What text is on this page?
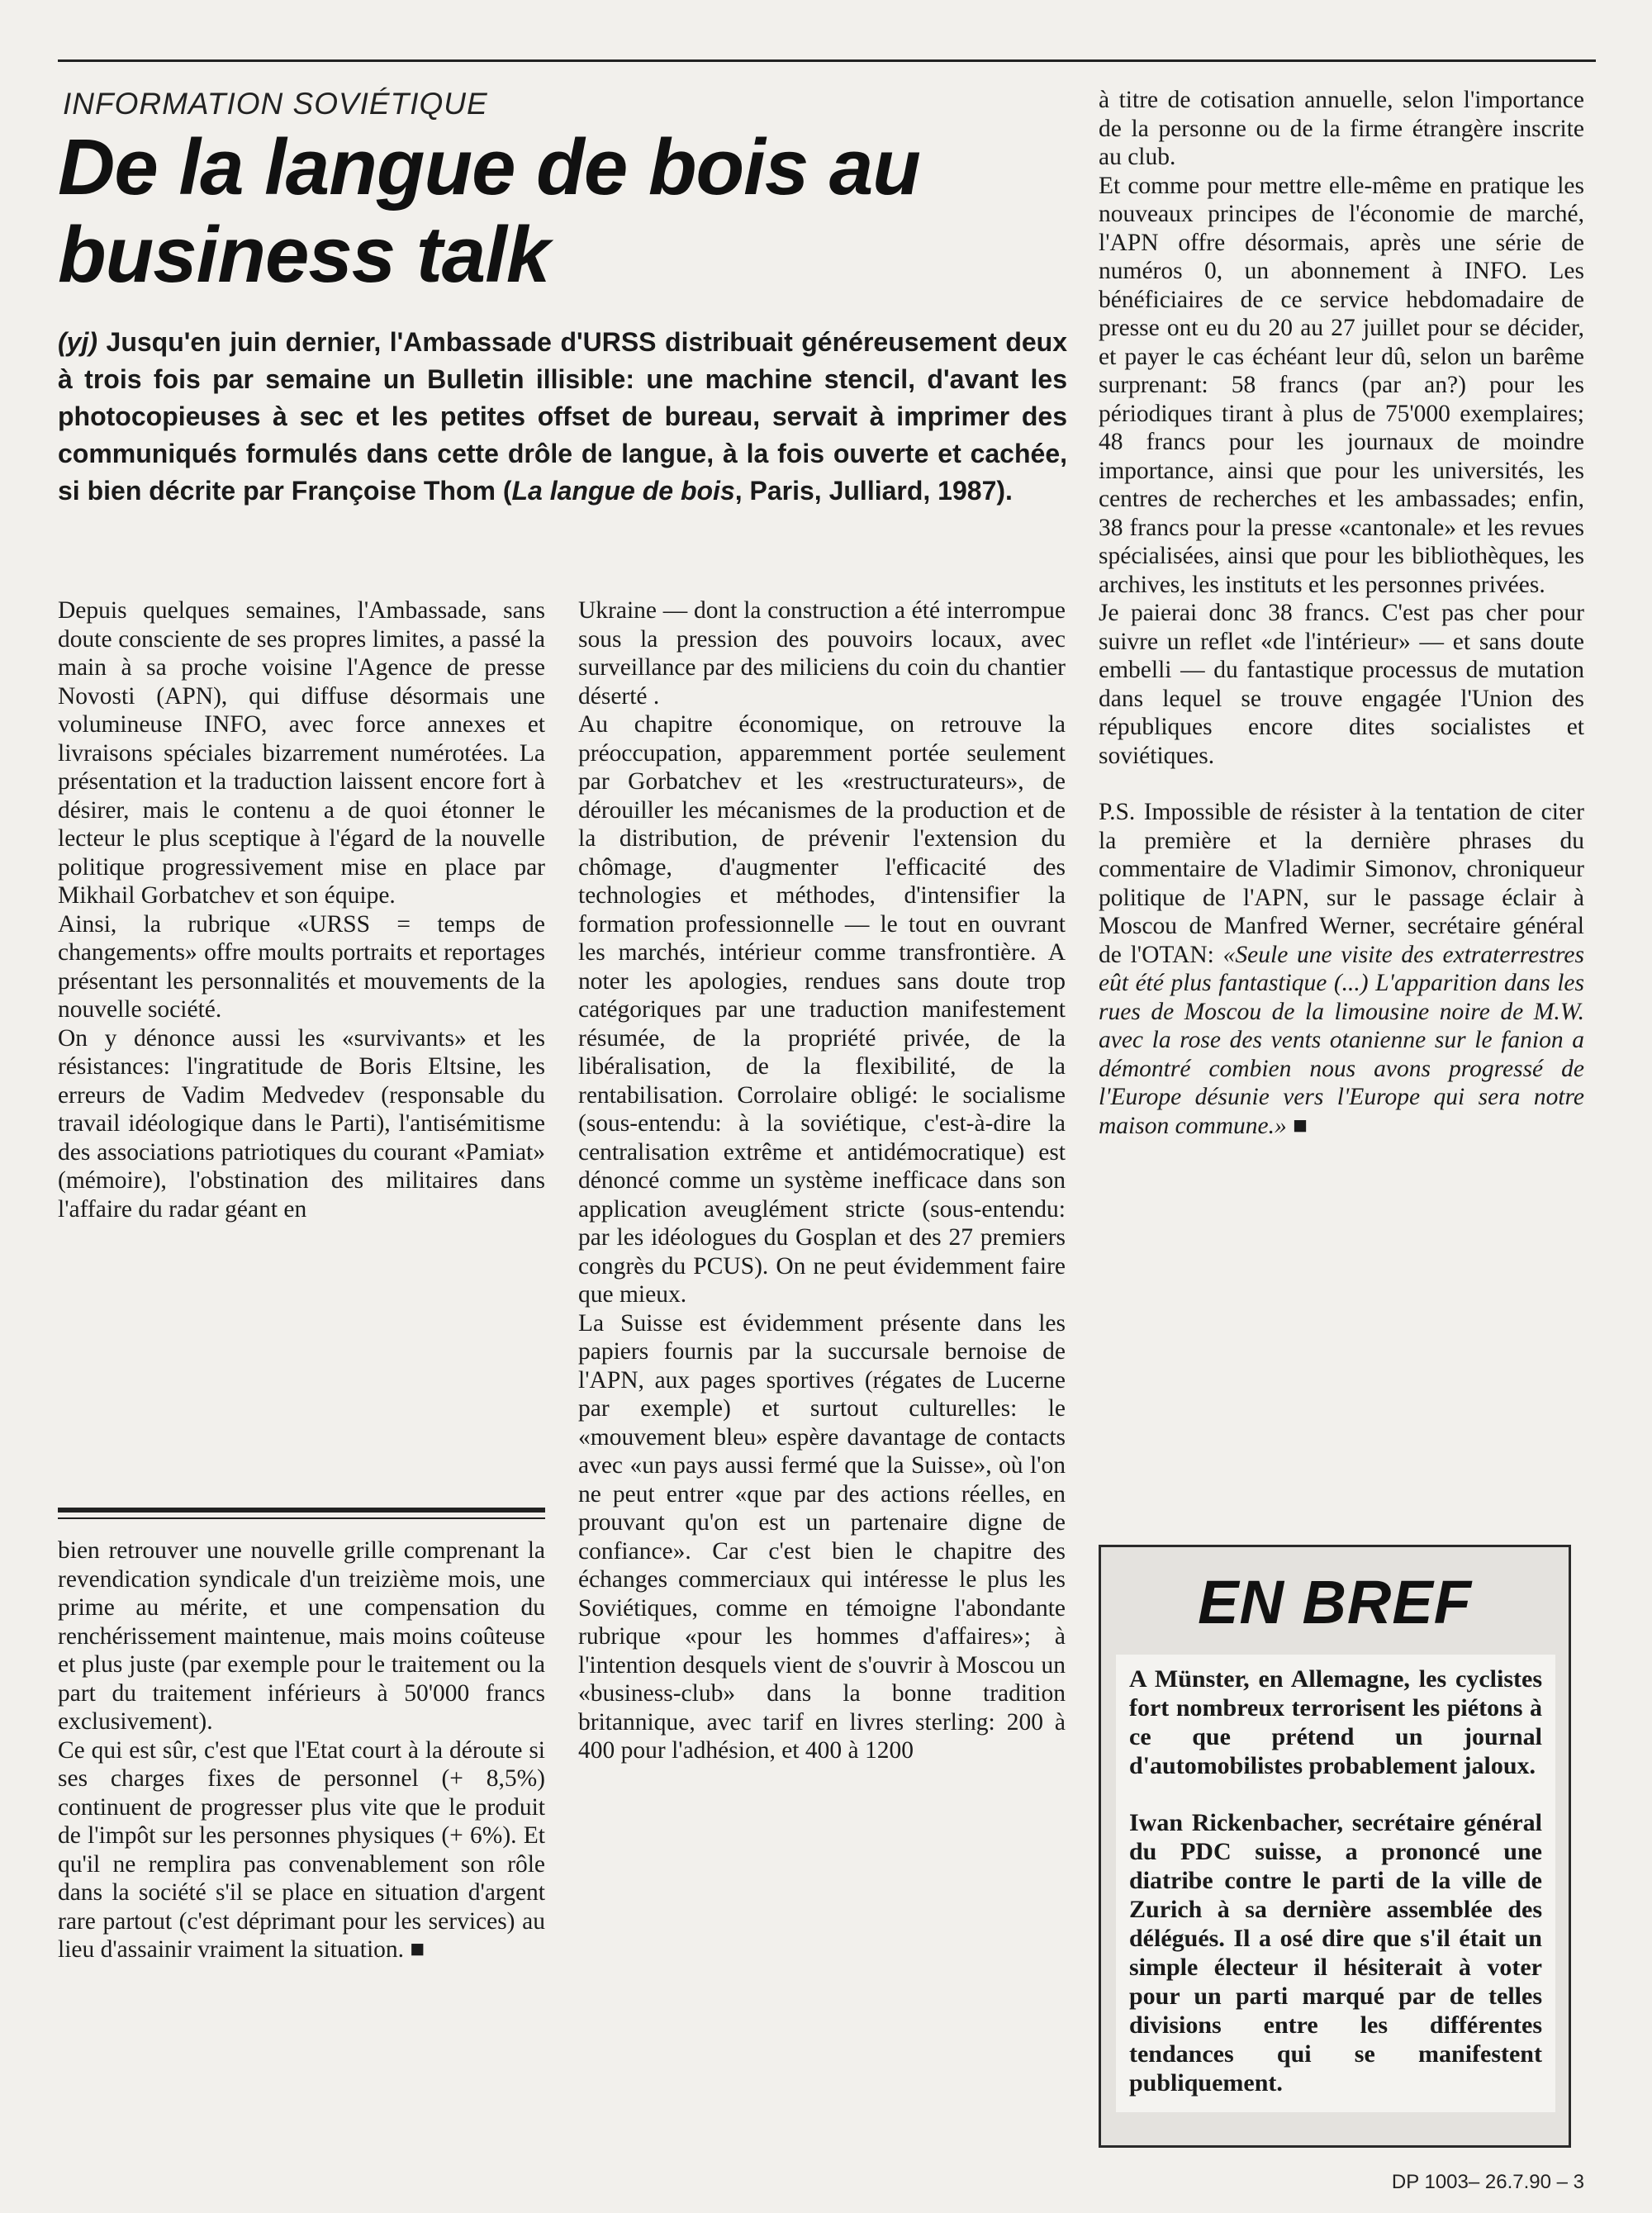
INFORMATION SOVIÉTIQUE
De la langue de bois au business talk

(yj) Jusqu'en juin dernier, l'Ambassade d'URSS distribuait généreusement deux à trois fois par semaine un Bulletin illisible: une machine stencil, d'avant les photocopieuses à sec et les petites offset de bureau, servait à imprimer des communiqués formulés dans cette drôle de langue, à la fois ouverte et cachée, si bien décrite par Françoise Thom (La langue de bois, Paris, Julliard, 1987).

Depuis quelques semaines, l'Ambassade, sans doute consciente de ses propres limites, a passé la main à sa proche voisine l'Agence de presse Novosti (APN), qui diffuse désormais une volumineuse INFO, avec force annexes et livraisons spéciales bizarrement numérotées. La présentation et la traduction laissent encore fort à désirer, mais le contenu a de quoi étonner le lecteur le plus sceptique à l'égard de la nouvelle politique progressivement mise en place par Mikhail Gorbatchev et son équipe.

Ainsi, la rubrique «URSS = temps de changements» offre moults portraits et reportages présentant les personnalités et mouvements de la nouvelle société.

On y dénonce aussi les «survivants» et les résistances: l'ingratitude de Boris Eltsine, les erreurs de Vadim Medvedev (responsable du travail idéologique dans le Parti), l'antisémitisme des associations patriotiques du courant «Pamiat» (mémoire), l'obstination des militaires dans l'affaire du radar géant en

bien retrouver une nouvelle grille comprenant la revendication syndicale d'un treizième mois, une prime au mérite, et une compensation du renchérissement maintenue, mais moins coûteuse et plus juste (par exemple pour le traitement ou la part du traitement inférieurs à 50'000 francs exclusivement).

Ce qui est sûr, c'est que l'Etat court à la déroute si ses charges fixes de personnel (+ 8,5%) continuent de progresser plus vite que le produit de l'impôt sur les personnes physiques (+ 6%). Et qu'il ne remplira pas convenablement son rôle dans la société s'il se place en situation d'argent rare partout (c'est déprimant pour les services) au lieu d'assainir vraiment la situation. ■

Ukraine — dont la construction a été interrompue sous la pression des pouvoirs locaux, avec surveillance par des miliciens du coin du chantier déserté .

Au chapitre économique, on retrouve la préoccupation, apparemment portée seulement par Gorbatchev et les «restructurateurs», de dérouiller les mécanismes de la production et de la distribution, de prévenir l'extension du chômage, d'augmenter l'efficacité des technologies et méthodes, d'intensifier la formation professionnelle — le tout en ouvrant les marchés, intérieur comme transfrontière. A noter les apologies, rendues sans doute trop catégoriques par une traduction manifestement résumée, de la propriété privée, de la libéralisation, de la flexibilité, de la rentabilisation. Corrolaire obligé: le socialisme (sous-entendu: à la soviétique, c'est-à-dire la centralisation extrême et antidémocratique) est dénoncé comme un système inefficace dans son application aveuglément stricte (sous-entendu: par les idéologues du Gosplan et des 27 premiers congrès du PCUS). On ne peut évidemment faire que mieux.

La Suisse est évidemment présente dans les papiers fournis par la succursale bernoise de l'APN, aux pages sportives (régates de Lucerne par exemple) et surtout culturelles: le «mouvement bleu» espère davantage de contacts avec «un pays aussi fermé que la Suisse», où l'on ne peut entrer «que par des actions réelles, en prouvant qu'on est un partenaire digne de confiance». Car c'est bien le chapitre des échanges commerciaux qui intéresse le plus les Soviétiques, comme en témoigne l'abondante rubrique «pour les hommes d'affaires»; à l'intention desquels vient de s'ouvrir à Moscou un «business-club» dans la bonne tradition britannique, avec tarif en livres sterling: 200 à 400 pour l'adhésion, et 400 à 1200

à titre de cotisation annuelle, selon l'importance de la personne ou de la firme étrangère inscrite au club.

Et comme pour mettre elle-même en pratique les nouveaux principes de l'économie de marché, l'APN offre désormais, après une série de numéros 0, un abonnement à INFO. Les bénéficiaires de ce service hebdomadaire de presse ont eu du 20 au 27 juillet pour se décider, et payer le cas échéant leur dû, selon un barême surprenant: 58 francs (par an?) pour les périodiques tirant à plus de 75'000 exemplaires; 48 francs pour les journaux de moindre importance, ainsi que pour les universités, les centres de recherches et les ambassades; enfin, 38 francs pour la presse «cantonale» et les revues spécialisées, ainsi que pour les bibliothèques, les archives, les instituts et les personnes privées.

Je paierai donc 38 francs. C'est pas cher pour suivre un reflet «de l'intérieur» — et sans doute embelli — du fantastique processus de mutation dans lequel se trouve engagée l'Union des républiques encore dites socialistes et soviétiques.

P.S. Impossible de résister à la tentation de citer la première et la dernière phrases du commentaire de Vladimir Simonov, chroniqueur politique de l'APN, sur le passage éclair à Moscou de Manfred Werner, secrétaire général de l'OTAN: «Seule une visite des extraterrestres eût été plus fantastique (...) L'apparition dans les rues de Moscou de la limousine noire de M.W. avec la rose des vents otanienne sur le fanion a démontré combien nous avons progressé de l'Europe désunie vers l'Europe qui sera notre maison commune.» ■

EN BREF

A Münster, en Allemagne, les cyclistes fort nombreux terrorisent les piétons à ce que prétend un journal d'automobilistes probablement jaloux.

Iwan Rickenbacher, secrétaire général du PDC suisse, a prononcé une diatribe contre le parti de la ville de Zurich à sa dernière assemblée des délégués. Il a osé dire que s'il était un simple électeur il hésiterait à voter pour un parti marqué par de telles divisions entre les différentes tendances qui se manifestent publiquement.

DP 1003– 26.7.90 – 3
